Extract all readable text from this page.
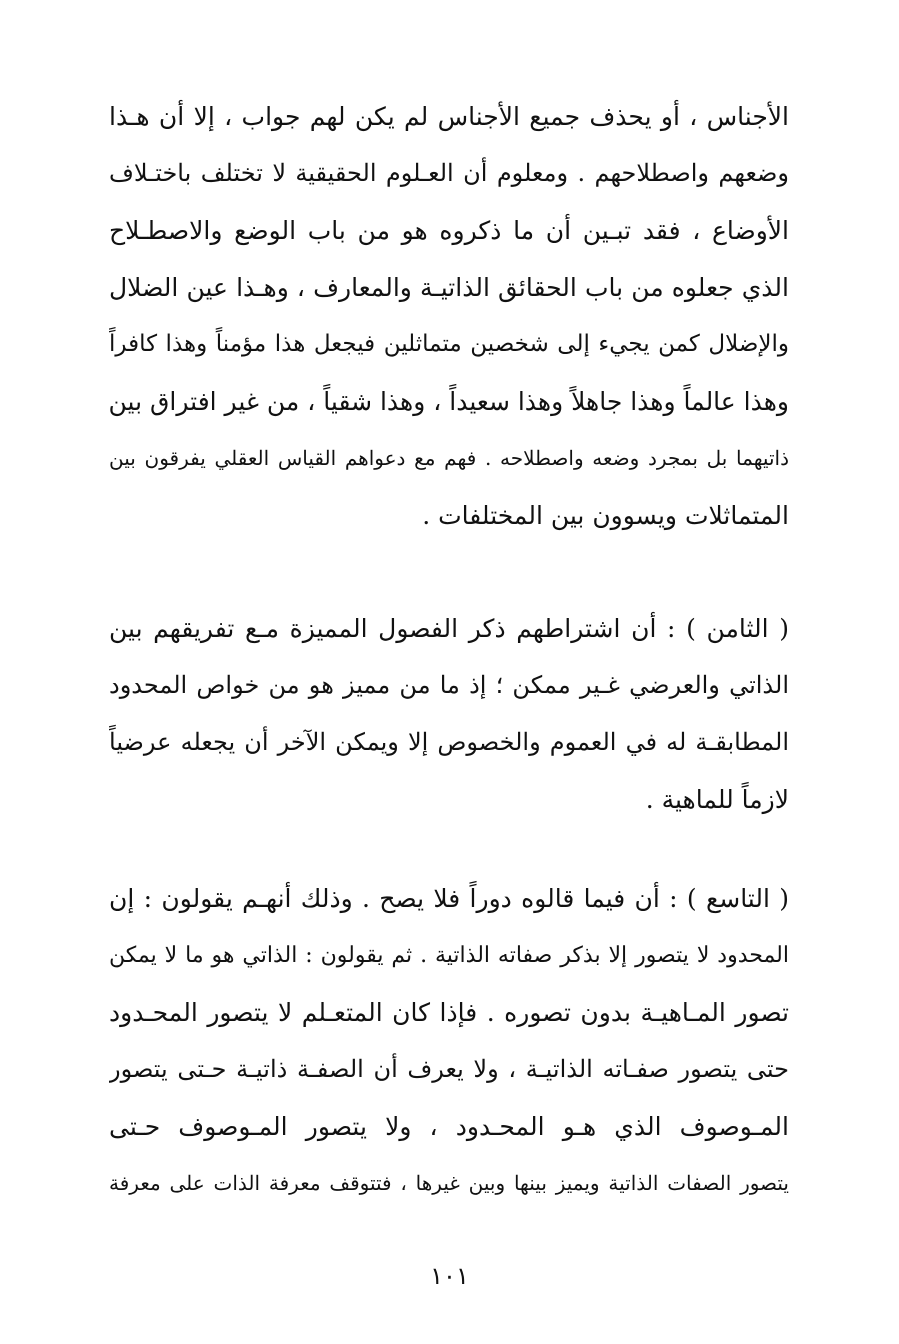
الأجناس ، أو يحذف جميع الأجناس لم يكن لهم جواب ، إلا أن هـذا
وضعهم واصطلاحهم . ومعلوم أن العـلوم الحقيقية لا تختلف باختـلاف
الأوضاع ، فقد تبـين أن ما ذكروه هو من باب الوضع والاصطـلاح
الذي جعلوه من باب الحقائق الذاتيـة والمعارف ، وهـذا عين الضلال
والإضلال كمن يجيء إلى شخصين متماثلين فيجعل هذا مؤمناً وهذا كافراً
وهذا عالماً وهذا جاهلاً وهذا سعيداً ، وهذا شقياً ، من غير افتراق بين
ذاتيهما بل بمجرد وضعه واصطلاحه . فهم مع دعواهم القياس العقلي يفرقون بين
المتماثلات ويسوون بين المختلفات .
( الثامن ) : أن اشتراطهم ذكر الفصول المميزة مـع تفريقهم بين
الذاتي والعرضي غـير ممكن ؛ إذ ما من مميز هو من خواص المحدود
المطابقـة له في العموم والخصوص إلا ويمكن الآخر أن يجعله عرضياً
لازماً للماهية .
( التاسع ) : أن فيما قالوه دوراً فلا يصح . وذلك أنهـم يقولون : إن
المحدود لا يتصور إلا بذكر صفاته الذاتية . ثم يقولون : الذاتي هو ما لا يمكن
تصور المـاهيـة بدون تصوره . فإذا كان المتعـلم لا يتصور المحـدود
حتى يتصور صفـاته الذاتيـة ، ولا يعرف أن الصفـة ذاتيـة حـتى يتصور
المـوصوف الذي هـو المحـدود ، ولا يتصور المـوصوف حـتى
يتصور الصفات الذاتية ويميز بينها وبين غيرها ، فتتوقف معرفة الذات على معرفة
١٠١
